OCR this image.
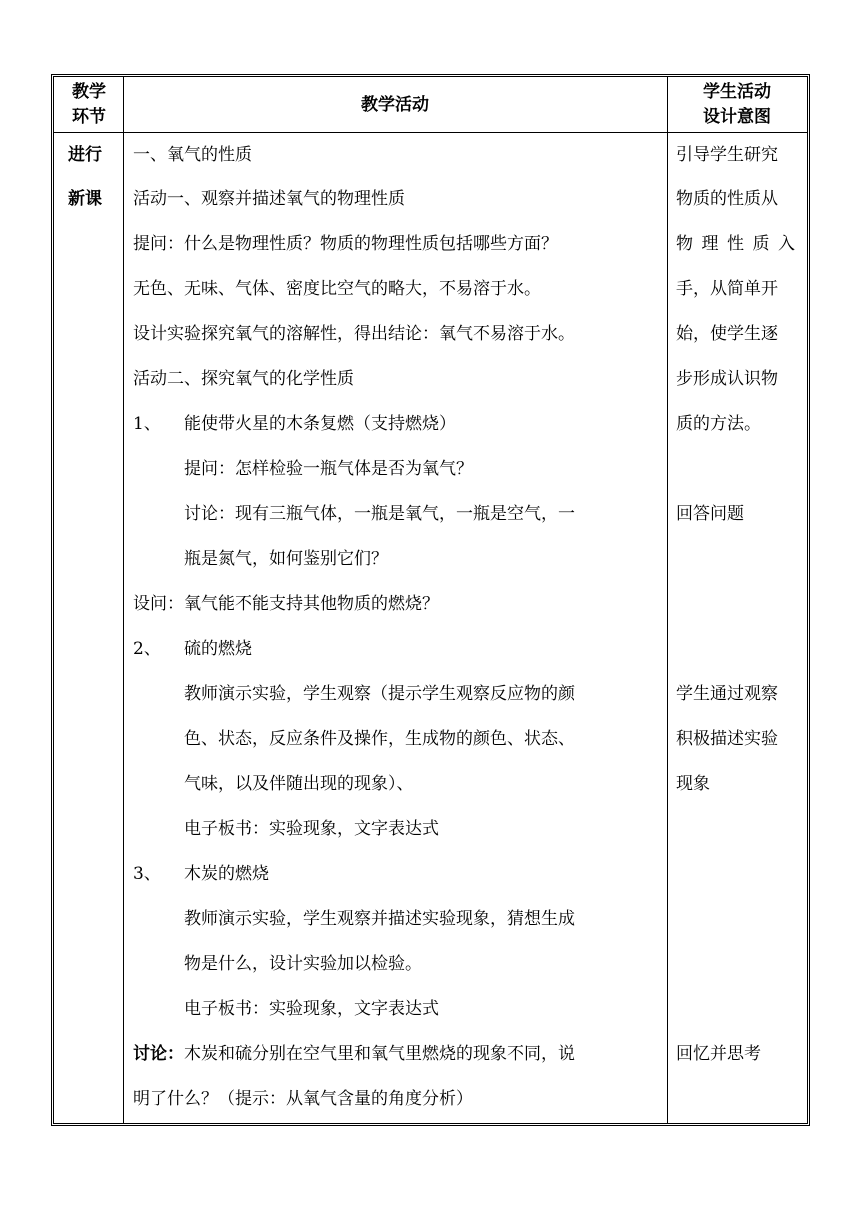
教学
环节
教学活动
学生活动
设计意图
进行
新课
一、氧气的性质
活动一、观察并描述氧气的物理性质
提问：什么是物理性质？物质的物理性质包括哪些方面？
无色、无味、气体、密度比空气的略大，不易溶于水。
设计实验探究氧气的溶解性，得出结论：氧气不易溶于水。
活动二、探究氧气的化学性质
1、 能使带火星的木条复燃（支持燃烧）
提问：怎样检验一瓶气体是否为氧气？
讨论：现有三瓶气体，一瓶是氧气，一瓶是空气，一
瓶是氮气，如何鉴别它们？
设问：氧气能不能支持其他物质的燃烧？
2、 硫的燃烧
教师演示实验，学生观察（提示学生观察反应物的颜
色、状态，反应条件及操作，生成物的颜色、状态、
气味，以及伴随出现的现象）、
电子板书：实验现象，文字表达式
3、 木炭的燃烧
教师演示实验，学生观察并描述实验现象，猜想生成
物是什么，设计实验加以检验。
电子板书：实验现象，文字表达式
讨论：木炭和硫分别在空气里和氧气里燃烧的现象不同，说
明了什么？（提示：从氧气含量的角度分析）
引导学生研究
物质的性质从
物理性质入
手，从简单开
始，使学生逐
步形成认识物
质的方法。
回答问题
学生通过观察
积极描述实验
现象
回忆并思考
